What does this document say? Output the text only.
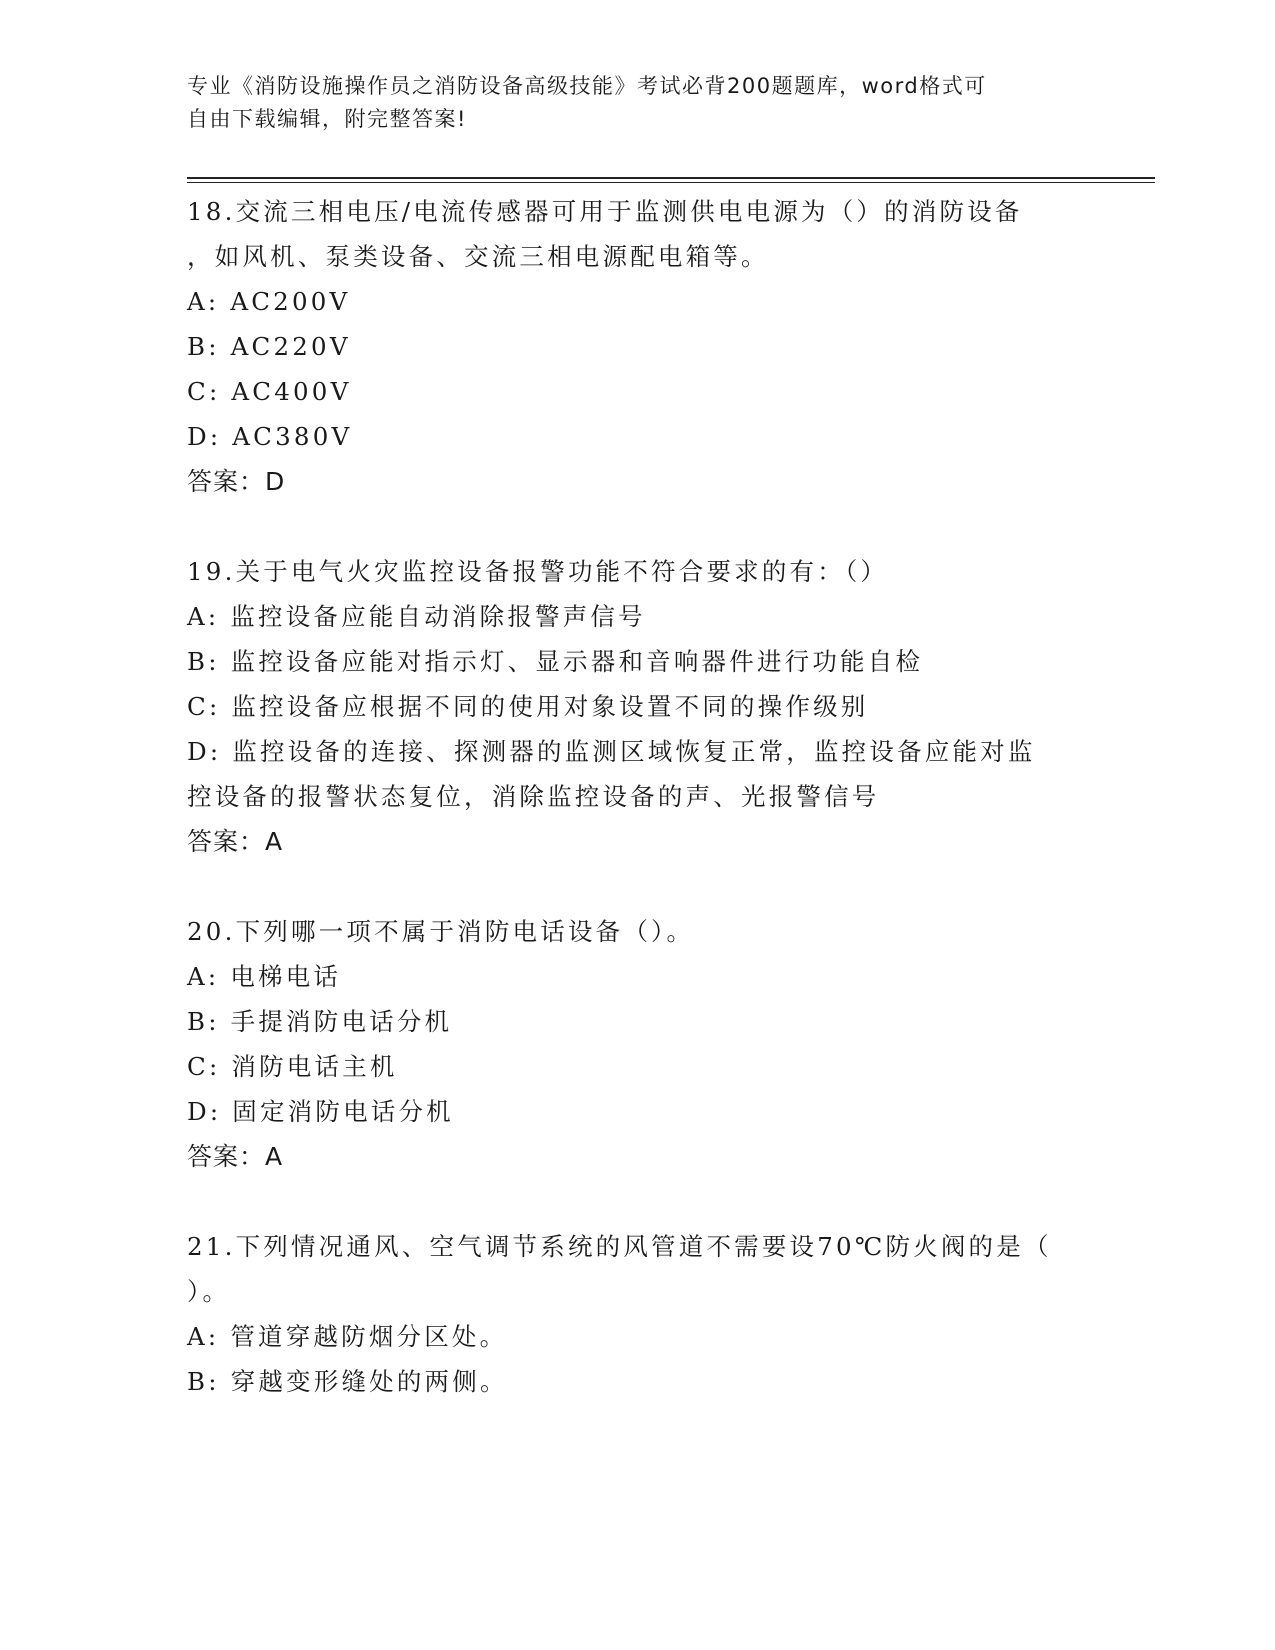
专业《消防设施操作员之消防设备高级技能》考试必背200题题库，word格式可
自由下载编辑，附完整答案!
18.交流三相电压/电流传感器可用于监测供电电源为（）的消防设备
，如风机、泵类设备、交流三相电源配电箱等。
A: AC200V
B: AC220V
C: AC400V
D: AC380V
答案：D
19.关于电气火灾监控设备报警功能不符合要求的有：（）
A: 监控设备应能自动消除报警声信号
B: 监控设备应能对指示灯、显示器和音响器件进行功能自检
C: 监控设备应根据不同的使用对象设置不同的操作级别
D: 监控设备的连接、探测器的监测区域恢复正常，监控设备应能对监
控设备的报警状态复位，消除监控设备的声、光报警信号
答案：A
20.下列哪一项不属于消防电话设备（）。
A: 电梯电话
B: 手提消防电话分机
C: 消防电话主机
D: 固定消防电话分机
答案：A
21.下列情况通风、空气调节系统的风管道不需要设70℃防火阀的是（
）。
A: 管道穿越防烟分区处。
B: 穿越变形缝处的两侧。
